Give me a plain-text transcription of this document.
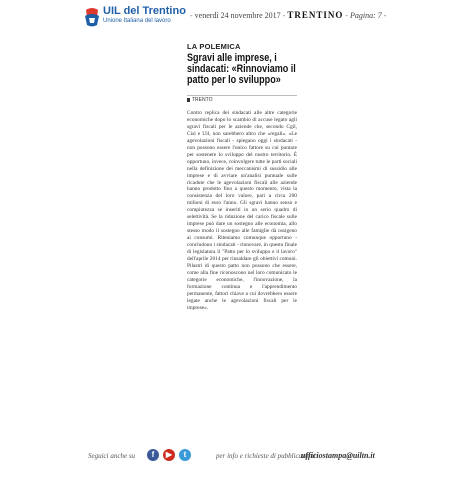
UIL del Trentino
Unione Italiana del lavoro
- venerdì 24 novembre 2017 - TRENTINO - Pagina: 7 -
LA POLEMICA
Sgravi alle imprese, i sindacati: «Rinnoviamo il patto per lo sviluppo»
TRENTO
Contro replica dei sindacati alle altre categorie economiche dopo lo scambio di accuse legato agli sgravi fiscali per le aziende che, secondo Cgil, Cisl e Uil, non sarebbero altro che «regali». «Le agevolazioni fiscali - spiegano oggi i sindacati - non possono essere l'unico fattore su cui puntare per sostenere lo sviluppo del nostro territorio. È opportuno, invece, coinvolgere tutte le parti sociali nella definizione dei meccanismi di sussidio alle imprese e di avviare un'analisi puntuale sulle ricadute che le agevolazioni fiscali alle aziende hanno prodotto fino a questo momento, vista la consistenza del loro valore, pari a circa 200 milioni di euro l'anno. Gli sgravi hanno senso e compiutezza se inseriti in un serio quadro di selettività. Se la riduzione del carico fiscale sulle imprese può dare un sostegno alle economia, allo stesso modo il sostegno alle famiglie dà ossigeno ai consumi. Riteniamo comunque opportuno - concludono i sindacati - rinnovare, in questo finale di legislatura il "Patto per lo sviluppo e il lavoro" dell'aprile 2014 per rinsaldare gli obiettivi comuni. Pilastri di questo patto non possono che essere, come alla fine riconoscono nel loro comunicato le categorie economiche, l'innovazione, la formazione continua e l'apprendimento permanente, fattori chiave a cui dovrebbero essere legate anche le agevolazioni fiscali per le imprese».
Seguici anche su	f	▶	t	per info e richieste di pubblicazioni:
ufficiostampa@uiltn.it
